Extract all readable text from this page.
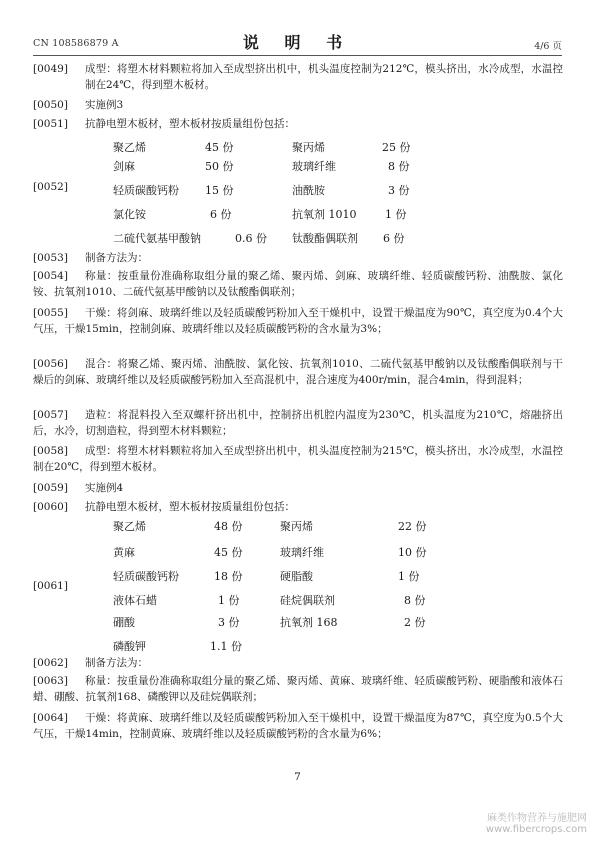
CN 108586879 A	说 明 书	4/6 页
[0049] 成型：将塑木材料颗粒将加入至成型挤出机中，机头温度控制为212℃，模头挤出，水冷成型，水温控制在24℃，得到塑木板材。
[0050] 实施例3
[0051] 抗静电塑木板材，塑木板材按质量组份包括：
[0052]
聚乙烯	45 份	聚丙烯	25 份
剑麻	50 份	玻璃纤维	8 份
轻质碳酸钙粉 15 份	油酰胺	3 份
氯化铵	6 份	抗氧剂 1010	1 份
二硫代氨基甲酸钠	0.6 份 钛酸酯偶联剂 6 份
[0053] 制备方法为：
[0054]	称量：按重量份准确称取组分量的聚乙烯、聚丙烯、剑麻、玻璃纤维、轻质碳酸钙粉、油酰胺、氯化铵、抗氧剂1010、二硫代氨基甲酸钠以及钛酸酯偶联剂；
[0055]	干燥：将剑麻、玻璃纤维以及轻质碳酸钙粉加入至干燥机中，设置干燥温度为90℃，真空度为0.4个大气压，干燥15min，控制剑麻、玻璃纤维以及轻质碳酸钙粉的含水量为3%；
[0056]	混合：将聚乙烯、聚丙烯、油酰胺、氯化铵、抗氧剂1010、二硫代氨基甲酸钠以及钛酸酯偶联剂与干燥后的剑麻、玻璃纤维以及轻质碳酸钙粉加入至高混机中，混合速度为400r/min，混合4min，得到混料；
[0057]	造粒：将混料投入至双螺杆挤出机中，控制挤出机腔内温度为230℃，机头温度为210℃，熔融挤出后，水冷，切割造粒，得到塑木材料颗粒；
[0058]	成型：将塑木材料颗粒将加入至成型挤出机中，机头温度控制为215℃，模头挤出，水冷成型，水温控制在20℃，得到塑木板材。
[0059] 实施例4
[0060] 抗静电塑木板材，塑木板材按质量组份包括：
[0061]
聚乙烯	48 份	聚丙烯	22 份
黄麻	45 份	玻璃纤维	10 份
轻质碳酸钙粉	18 份	硬脂酸	1 份
液体石蜡	1 份	硅烷偶联剂	8 份
硼酸	3 份	抗氧剂 168	2 份
磷酸钾	1.1 份
[0062] 制备方法为：
[0063]	称量：按重量份准确称取组分量的聚乙烯、聚丙烯、黄麻、玻璃纤维、轻质碳酸钙粉、硬脂酸和液体石蜡、硼酸、抗氧剂168、磷酸钾以及硅烷偶联剂；
[0064]	干燥：将黄麻、玻璃纤维以及轻质碳酸钙粉加入至干燥机中，设置干燥温度为87℃，真空度为0.5个大气压，干燥14min，控制黄麻、玻璃纤维以及轻质碳酸钙粉的含水量为6%；
7
麻类作物营养与施肥网
www.fibercrops.com
